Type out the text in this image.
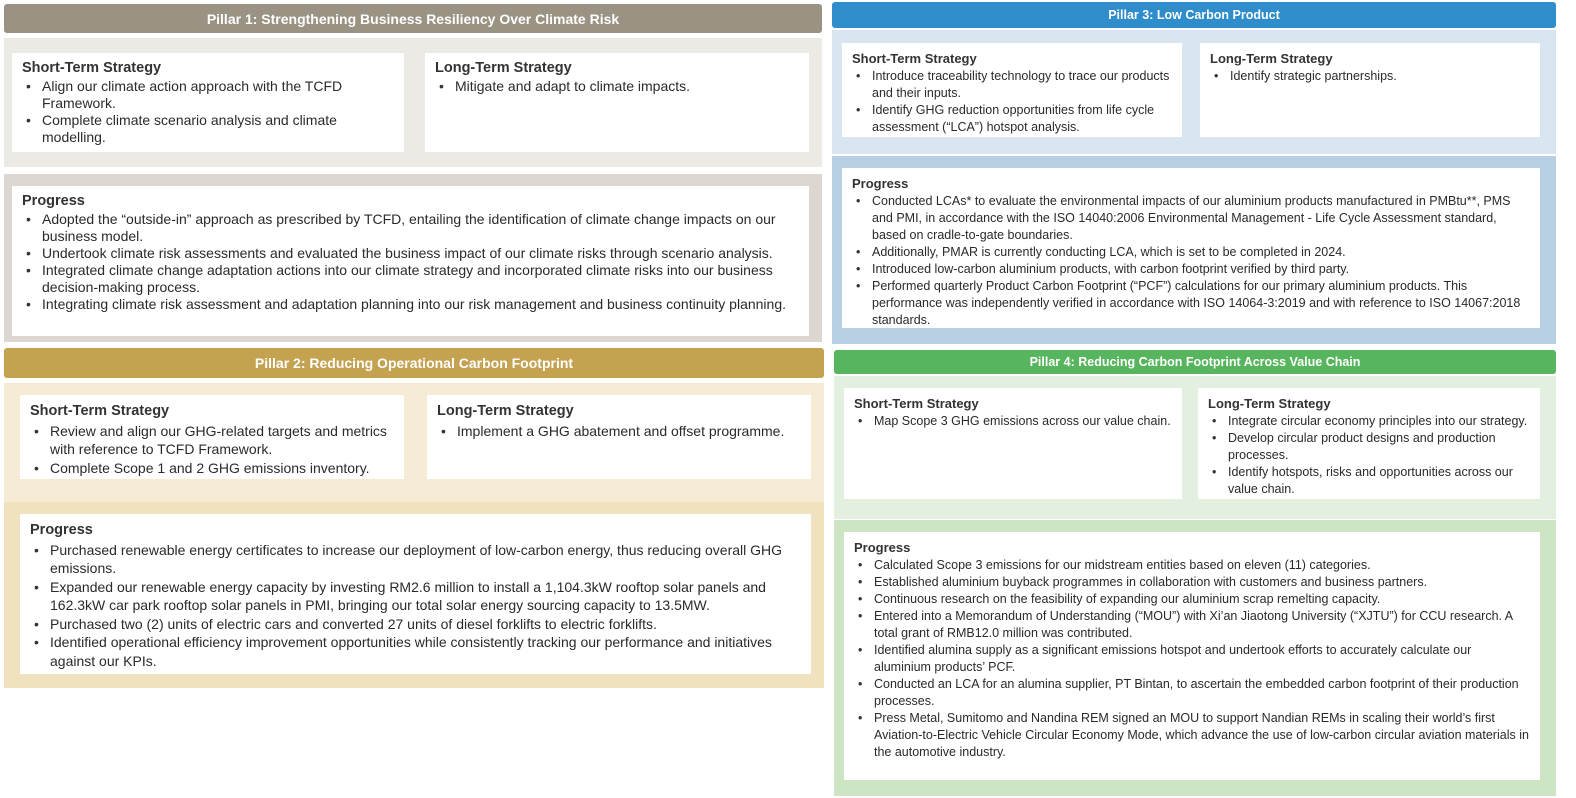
Pillar 1: Strengthening Business Resiliency Over Climate Risk
Short-Term Strategy
• Align our climate action approach with the TCFD Framework.
• Complete climate scenario analysis and climate modelling.
Long-Term Strategy
• Mitigate and adapt to climate impacts.
Progress
• Adopted the “outside-in” approach as prescribed by TCFD, entailing the identification of climate change impacts on our business model.
• Undertook climate risk assessments and evaluated the business impact of our climate risks through scenario analysis.
• Integrated climate change adaptation actions into our climate strategy and incorporated climate risks into our business decision-making process.
• Integrating climate risk assessment and adaptation planning into our risk management and business continuity planning.
Pillar 2: Reducing Operational Carbon Footprint
Short-Term Strategy
• Review and align our GHG-related targets and metrics with reference to TCFD Framework.
• Complete Scope 1 and 2 GHG emissions inventory.
Long-Term Strategy
• Implement a GHG abatement and offset programme.
Progress
• Purchased renewable energy certificates to increase our deployment of low-carbon energy, thus reducing overall GHG emissions.
• Expanded our renewable energy capacity by investing RM2.6 million to install a 1,104.3kW rooftop solar panels and 162.3kW car park rooftop solar panels in PMI, bringing our total solar energy sourcing capacity to 13.5MW.
• Purchased two (2) units of electric cars and converted 27 units of diesel forklifts to electric forklifts.
• Identified operational efficiency improvement opportunities while consistently tracking our performance and initiatives against our KPIs.
Pillar 3: Low Carbon Product
Short-Term Strategy
• Introduce traceability technology to trace our products and their inputs.
• Identify GHG reduction opportunities from life cycle assessment (“LCA”) hotspot analysis.
Long-Term Strategy
• Identify strategic partnerships.
Progress
• Conducted LCAs* to evaluate the environmental impacts of our aluminium products manufactured in PMBtu**, PMS and PMI, in accordance with the ISO 14040:2006 Environmental Management - Life Cycle Assessment standard, based on cradle-to-gate boundaries.
• Additionally, PMAR is currently conducting LCA, which is set to be completed in 2024.
• Introduced low-carbon aluminium products, with carbon footprint verified by third party.
• Performed quarterly Product Carbon Footprint (“PCF”) calculations for our primary aluminium products. This performance was independently verified in accordance with ISO 14064-3:2019 and with reference to ISO 14067:2018 standards.
Pillar 4: Reducing Carbon Footprint Across Value Chain
Short-Term Strategy
• Map Scope 3 GHG emissions across our value chain.
Long-Term Strategy
• Integrate circular economy principles into our strategy.
• Develop circular product designs and production processes.
• Identify hotspots, risks and opportunities across our value chain.
Progress
• Calculated Scope 3 emissions for our midstream entities based on eleven (11) categories.
• Established aluminium buyback programmes in collaboration with customers and business partners.
• Continuous research on the feasibility of expanding our aluminium scrap remelting capacity.
• Entered into a Memorandum of Understanding (“MOU”) with Xi’an Jiaotong University (“XJTU”) for CCU research. A total grant of RMB12.0 million was contributed.
• Identified alumina supply as a significant emissions hotspot and undertook efforts to accurately calculate our aluminium products’ PCF.
• Conducted an LCA for an alumina supplier, PT Bintan, to ascertain the embedded carbon footprint of their production processes.
• Press Metal, Sumitomo and Nandina REM signed an MOU to support Nandian REMs in scaling their world’s first Aviation-to-Electric Vehicle Circular Economy Mode, which advance the use of low-carbon circular aviation materials in the automotive industry.
